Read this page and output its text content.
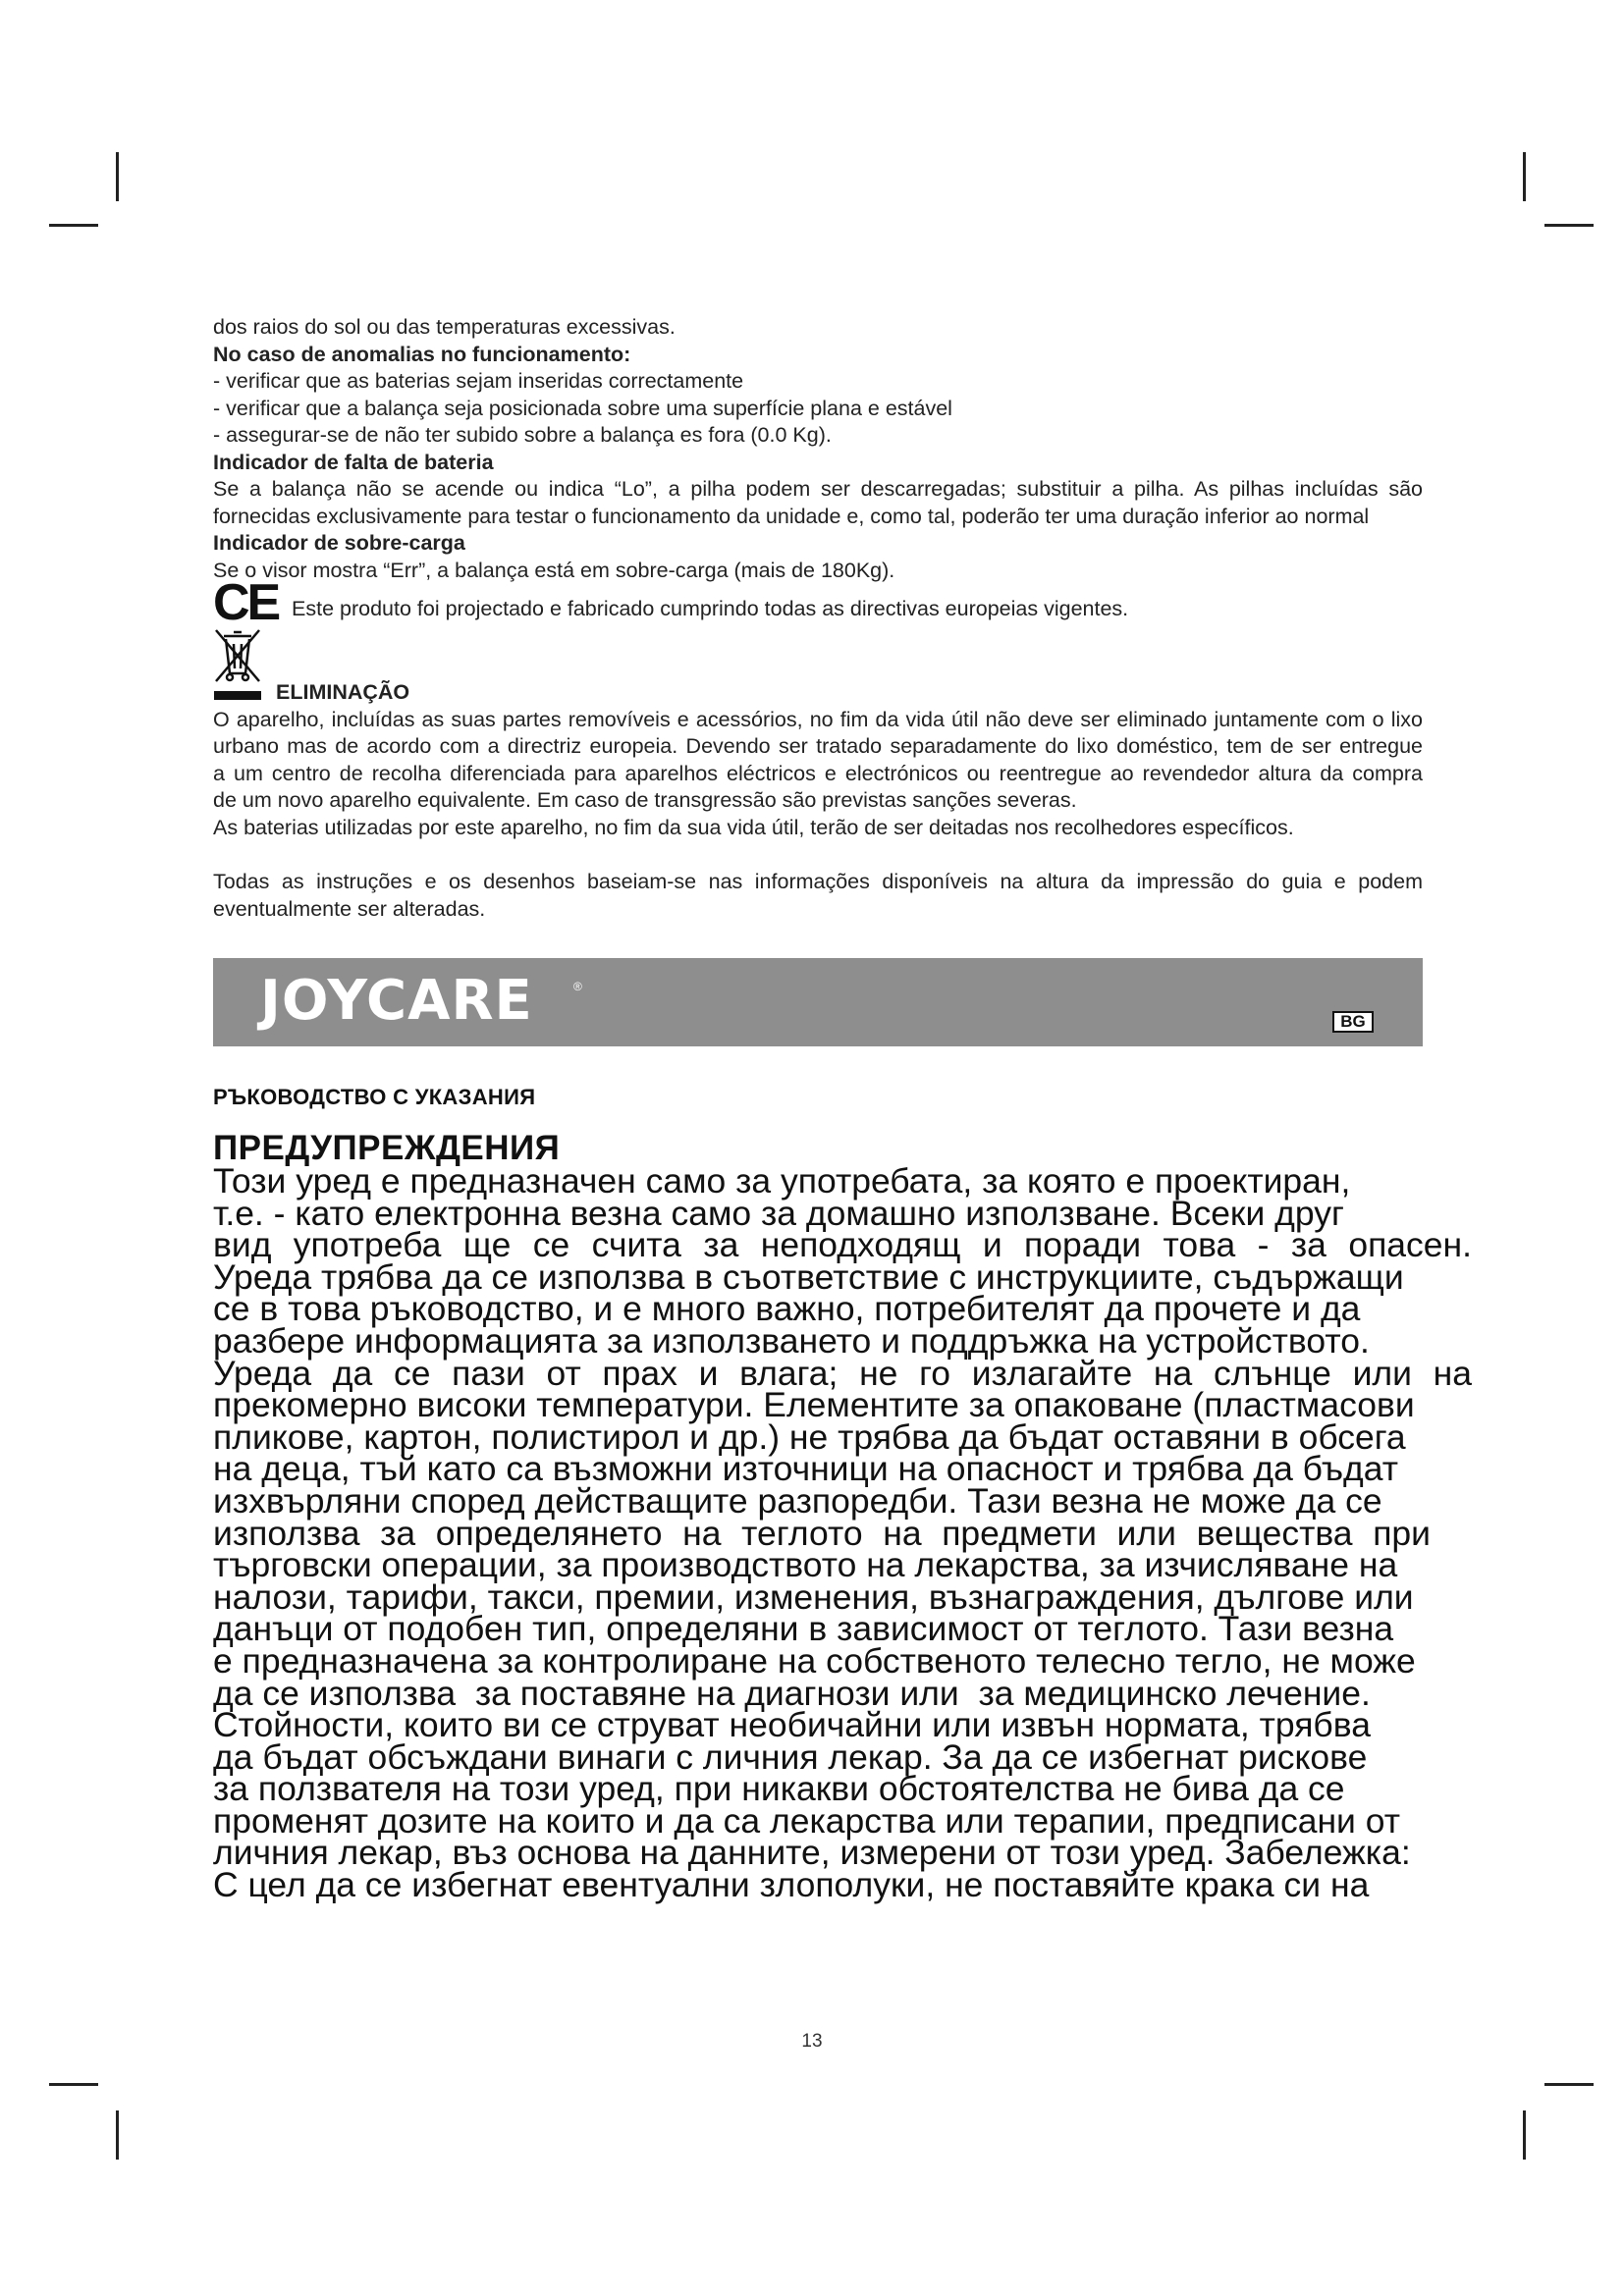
dos raios do sol ou das temperaturas excessivas.
No caso de anomalias no funcionamento:
- verificar que as baterias sejam inseridas correctamente
- verificar que a balança seja posicionada sobre uma superfície plana e estável
- assegurar-se de não ter subido sobre a balança es fora (0.0 Kg).
Indicador de falta de bateria
Se a balança não se acende ou indica “Lo”, a pilha podem ser descarregadas; substituir a pilha. As pilhas incluídas são
fornecidas exclusivamente para testar o funcionamento da unidade e, como tal, poderão ter uma duração inferior ao normal
Indicador de sobre-carga
Se o visor mostra “Err”, a balança está em sobre-carga (mais de 180Kg).
CE Este produto foi projectado e fabricado cumprindo todas as directivas europeias vigentes.
ELIMINAÇÃO
O aparelho, incluídas as suas partes removíveis e acessórios, no fim da vida útil não deve ser eliminado juntamente com o lixo
urbano mas de acordo com a directriz europeia. Devendo ser tratado separadamente do lixo doméstico, tem de ser entregue
a um centro de recolha diferenciada para aparelhos eléctricos e electrónicos ou reentregue ao revendedor altura da compra
de um novo aparelho equivalente. Em caso de transgressão são previstas sanções severas.
As baterias utilizadas por este aparelho, no fim da sua vida útil, terão de ser deitadas nos recolhedores específicos.
Todas as instruções e os desenhos baseiam-se nas informações disponíveis na altura da impressão do guia e podem
eventualmente ser alteradas.
JOYCARE	®
BG
РЪКОВОДСТВО С УКАЗАНИЯ
ПРЕДУПРЕЖДЕНИЯ
Този уред е предназначен само за употребата, за която е проектиран,
т.е. - като електронна везна само за домашно използване. Всеки друг
вид употреба ще се счита за неподходящ и поради това - за опасен.
Уреда трябва да се използва в съответствие с инструкциите, съдържащи
се в това ръководство, и е много важно, потребителят да прочете и да
разбере информацията за използването и поддръжка на устройството.
Уреда да се пази от прах и влага; не го излагайте на слънце или на
прекомерно високи температури. Елементите за опаковане (пластмасови
пликове, картон, полистирол и др.) не трябва да бъдат оставяни в обсега
на деца, тъй като са възможни източници на опасност и трябва да бъдат
изхвърляни според действащите разпоредби. Тази везна не може да се
използва за определянето на теглото на предмети или вещества при
търговски операции, за производството на лекарства, за изчисляване на
налози, тарифи, такси, премии, изменения, възнаграждения, дългове или
данъци от подобен тип, определяни в зависимост от теглото. Тази везна
е предназначена за контролиране на собственото телесно тегло, не може
да се използва  за поставяне на диагнози или  за медицинско лечение.
Стойности, които ви се струват необичайни или извън нормата, трябва
да бъдат обсъждани винаги с личния лекар. За да се избегнат рискове
за ползвателя на този уред, при никакви обстоятелства не бива да се
променят дозите на които и да са лекарства или терапии, предписани от
личния лекар, въз основа на данните, измерени от този уред. Забележка:
С цел да се избегнат евентуални злополуки, не поставяйте крака си на
13
